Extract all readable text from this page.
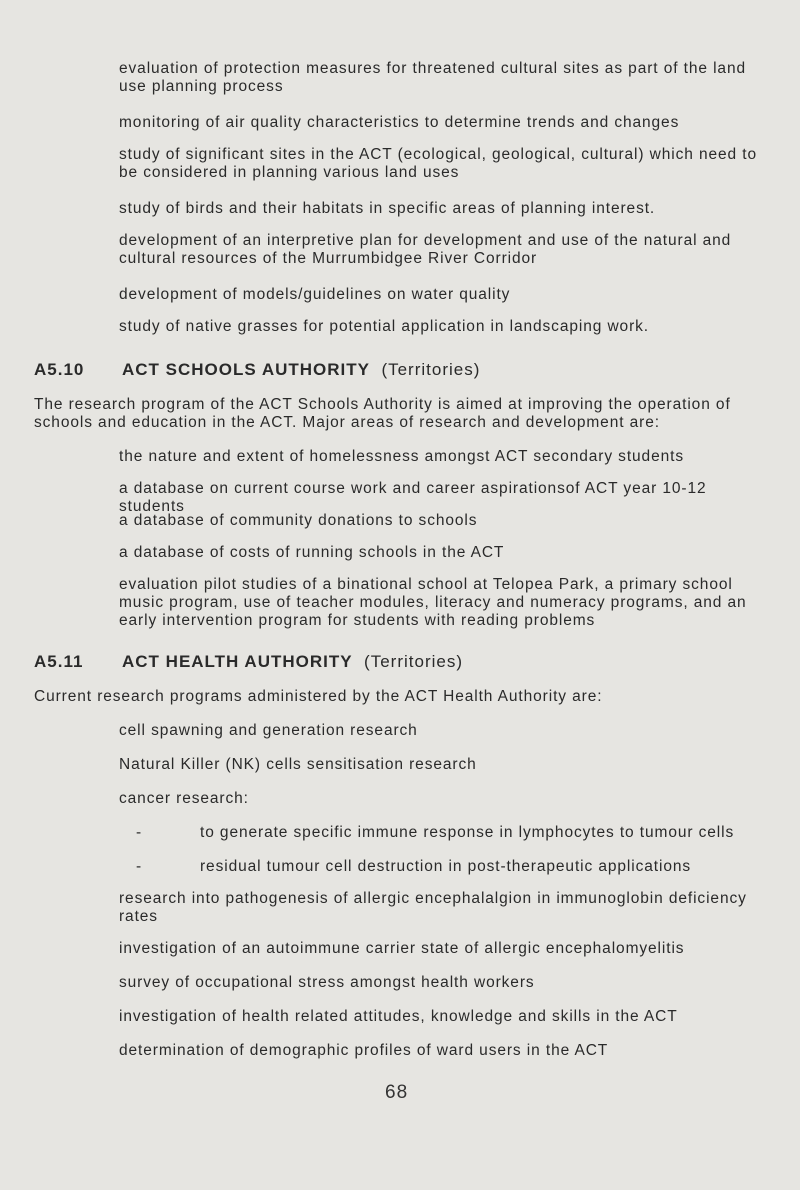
evaluation of protection measures for threatened cultural sites as part of the land use planning process
monitoring of air quality characteristics to determine trends and changes
study of significant sites in the ACT (ecological, geological, cultural) which need to be considered in planning various land uses
study of birds and their habitats in specific areas of planning interest.
development of an interpretive plan for development and use of the natural and cultural resources of the Murrumbidgee River Corridor
development of models/guidelines on water quality
study of native grasses for potential application in landscaping work.
A5.10 ACT SCHOOLS AUTHORITY (Territories)
The research program of the ACT Schools Authority is aimed at improving the operation of schools and education in the ACT. Major areas of research and development are:
the nature and extent of homelessness amongst ACT secondary students
a database on current course work and career aspirationsof ACT year 10-12 students
a database of community donations to schools
a database of costs of running schools in the ACT
evaluation pilot studies of a binational school at Telopea Park, a primary school music program, use of teacher modules, literacy and numeracy programs, and an early intervention program for students with reading problems
A5.11 ACT HEALTH AUTHORITY (Territories)
Current research programs administered by the ACT Health Authority are:
cell spawning and generation research
Natural Killer (NK) cells sensitisation research
cancer research:
-	to generate specific immune response in lymphocytes to tumour cells
-	residual tumour cell destruction in post-therapeutic applications
research into pathogenesis of allergic encephalalgion in immunoglobin deficiency rates
investigation of an autoimmune carrier state of allergic encephalomyelitis
survey of occupational stress amongst health workers
investigation of health related attitudes, knowledge and skills in the ACT
determination of demographic profiles of ward users in the ACT
68
